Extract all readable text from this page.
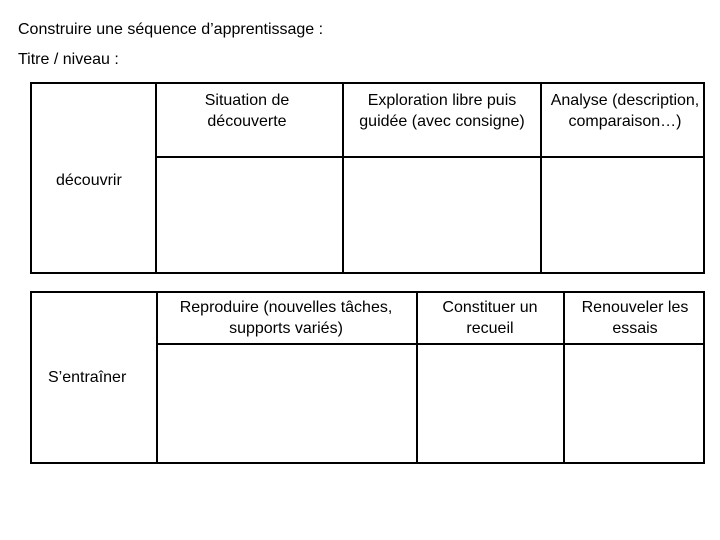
Construire une séquence d’apprentissage :
Titre / niveau :
Situation de découverte
Exploration libre puis guidée (avec consigne)
Analyse (description, comparaison…)
découvrir
Reproduire (nouvelles tâches, supports variés)
Constituer un recueil
Renouveler les essais
S’entraîner
